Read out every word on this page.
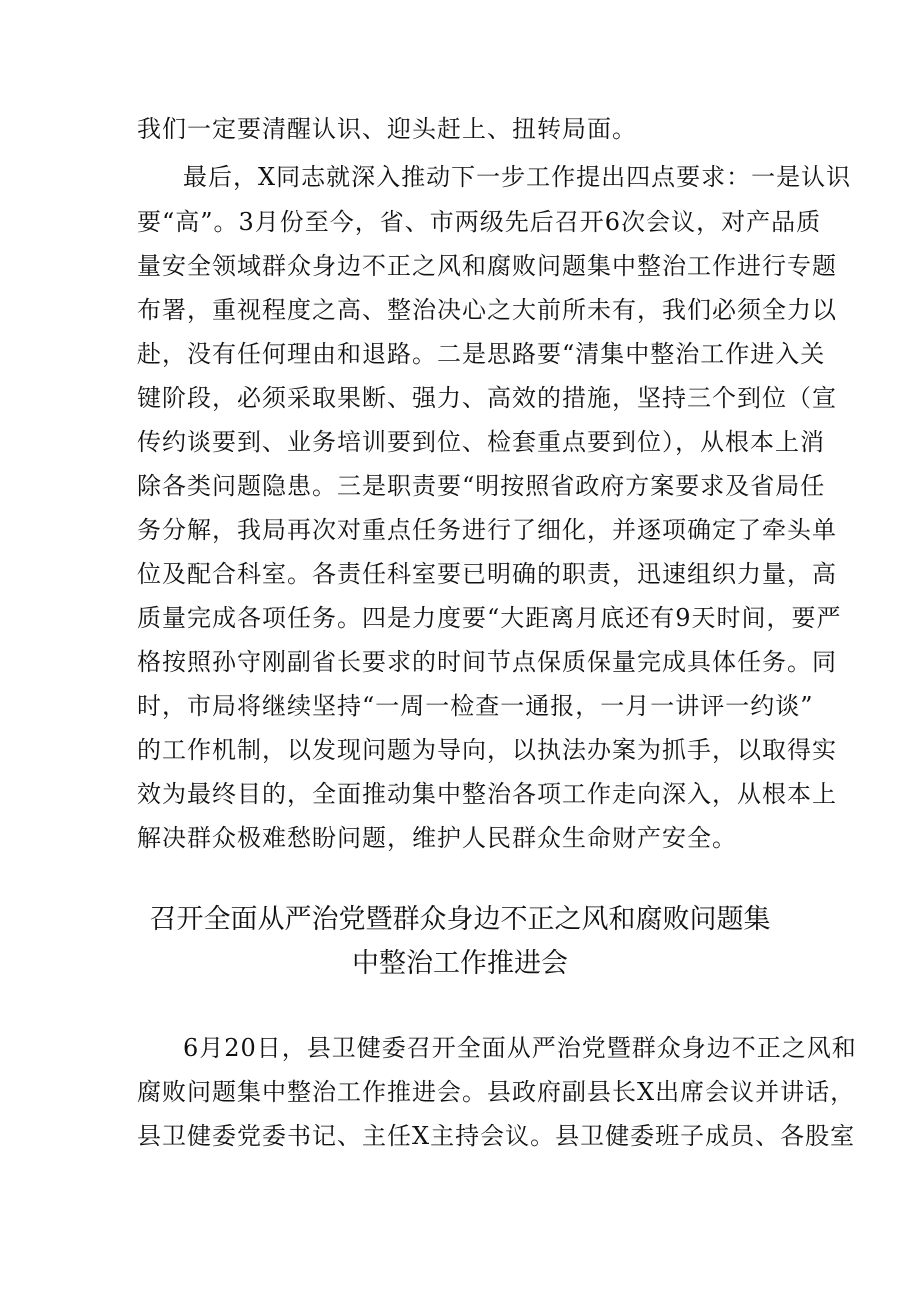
我们一定要清醒认识、迎头赶上、扭转局面。
最后，X同志就深入推动下一步工作提出四点要求：一是认识
要“高”。3月份至今，省、市两级先后召开6次会议，对产品质
量安全领域群众身边不正之风和腐败问题集中整治工作进行专题
布署，重视程度之高、整治决心之大前所未有，我们必须全力以
赴，没有任何理由和退路。二是思路要“清集中整治工作进入关
键阶段，必须采取果断、强力、高效的措施，坚持三个到位（宣
传约谈要到、业务培训要到位、检套重点要到位），从根本上消
除各类问题隐患。三是职责要“明按照省政府方案要求及省局任
务分解，我局再次对重点任务进行了细化，并逐项确定了牵头单
位及配合科室。各责任科室要已明确的职责，迅速组织力量，高
质量完成各项任务。四是力度要“大距离月底还有9天时间，要严
格按照孙守刚副省长要求的时间节点保质保量完成具体任务。同
时，市局将继续坚持“一周一检查一通报，一月一讲评一约谈”
的工作机制，以发现问题为导向，以执法办案为抓手，以取得实
效为最终目的，全面推动集中整治各项工作走向深入，从根本上
解决群众极难愁盼问题，维护人民群众生命财产安全。
召开全面从严治党暨群众身边不正之风和腐败问题集
中整治工作推进会
6月20日，县卫健委召开全面从严治党暨群众身边不正之风和
腐败问题集中整治工作推进会。县政府副县长X出席会议并讲话，
县卫健委党委书记、主任X主持会议。县卫健委班子成员、各股室
